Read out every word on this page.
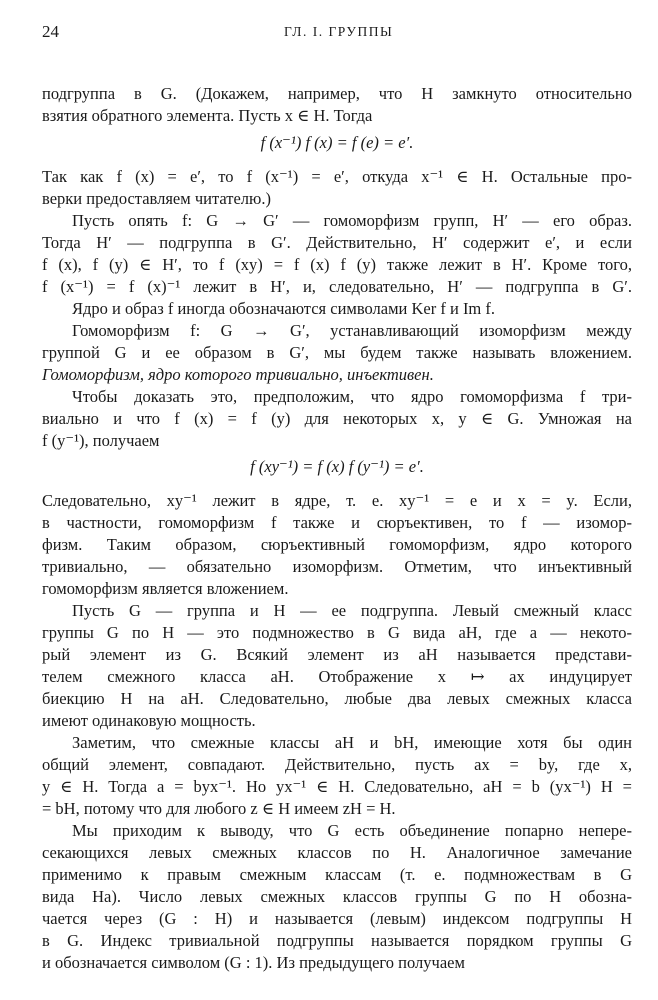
24	ГЛ. I. ГРУППЫ
подгруппа в G. (Докажем, например, что H замкнуто относительно
взятия обратного элемента. Пусть x ∈ H. Тогда
f (x⁻¹) f (x) = f (e) = e′.
Так как f (x) = e′, то f (x⁻¹) = e′, откуда x⁻¹ ∈ H. Остальные про-
верки предоставляем читателю.)
Пусть опять f: G → G′ — гомоморфизм групп, H′ — его образ.
Тогда H′ — подгруппа в G′. Действительно, H′ содержит e′, и если
f (x), f (y) ∈ H′, то f (xy) = f (x) f (y) также лежит в H′. Кроме того,
f (x⁻¹) = f (x)⁻¹ лежит в H′, и, следовательно, H′ — подгруппа в G′.
Ядро и образ f иногда обозначаются символами Ker f и Im f.
Гомоморфизм f: G → G′, устанавливающий изоморфизм между
группой G и ее образом в G′, мы будем также называть вложением.
Гомоморфизм, ядро которого тривиально, инъективен.
Чтобы доказать это, предположим, что ядро гомоморфизма f три-
виально и что f (x) = f (y) для некоторых x, y ∈ G. Умножая на
f (y⁻¹), получаем
f (xy⁻¹) = f (x) f (y⁻¹) = e′.
Следовательно, xy⁻¹ лежит в ядре, т. е. xy⁻¹ = e и x = y. Если,
в частности, гомоморфизм f также и сюръективен, то f — изомор-
физм. Таким образом, сюръективный гомоморфизм, ядро которого
тривиально, — обязательно изоморфизм. Отметим, что инъективный
гомоморфизм является вложением.
Пусть G — группа и H — ее подгруппа. Левый смежный класс
группы G по H — это подмножество в G вида aH, где a — некото-
рый элемент из G. Всякий элемент из aH называется представи-
телем смежного класса aH. Отображение x ↦ ax индуцирует
биекцию H на aH. Следовательно, любые два левых смежных класса
имеют одинаковую мощность.
Заметим, что смежные классы aH и bH, имеющие хотя бы один
общий элемент, совпадают. Действительно, пусть ax = by, где x,
y ∈ H. Тогда a = byx⁻¹. Но yx⁻¹ ∈ H. Следовательно, aH = b (yx⁻¹) H =
= bH, потому что для любого z ∈ H имеем zH = H.
Мы приходим к выводу, что G есть объединение попарно непере-
секающихся левых смежных классов по H. Аналогичное замечание
применимо к правым смежным классам (т. е. подмножествам в G
вида Ha). Число левых смежных классов группы G по H обозна-
чается через (G : H) и называется (левым) индексом подгруппы H
в G. Индекс тривиальной подгруппы называется порядком группы G
и обозначается символом (G : 1). Из предыдущего получаем
